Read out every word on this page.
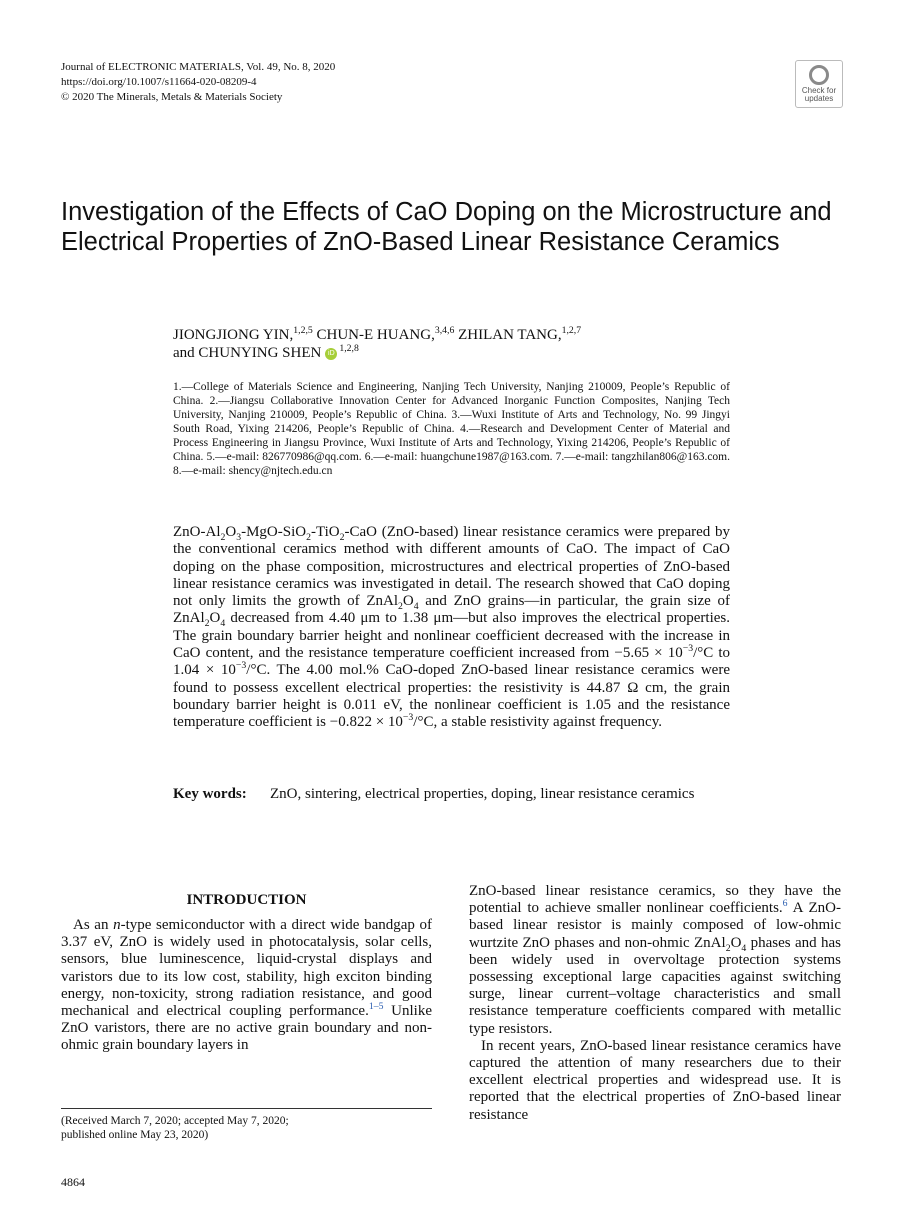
Journal of ELECTRONIC MATERIALS, Vol. 49, No. 8, 2020
https://doi.org/10.1007/s11664-020-08209-4
© 2020 The Minerals, Metals & Materials Society
Check for
updates
Investigation of the Effects of CaO Doping on the Microstructure and Electrical Properties of ZnO-Based Linear Resistance Ceramics
JIONGJIONG YIN,$^{1,2,5}$ CHUN-E HUANG,$^{3,4,6}$ ZHILAN TANG,$^{1,2,7}$
and CHUNYING SHEN iD $^{1,2,8}$
1.—College of Materials Science and Engineering, Nanjing Tech University, Nanjing 210009, People’s Republic of China. 2.—Jiangsu Collaborative Innovation Center for Advanced Inorganic Function Composites, Nanjing Tech University, Nanjing 210009, People’s Republic of China. 3.—Wuxi Institute of Arts and Technology, No. 99 Jingyi South Road, Yixing 214206, People’s Republic of China. 4.—Research and Development Center of Material and Process Engineering in Jiangsu Province, Wuxi Institute of Arts and Technology, Yixing 214206, People’s Republic of China. 5.—e-mail: 826770986@qq.com. 6.—e-mail: huangchune1987@163.com. 7.—e-mail: tangzhilan806@163.com. 8.—e-mail: shency@njtech.edu.cn
ZnO-$Al_2O_3-MgO-SiO_2-TiO_2$-CaO (ZnO-based) linear resistance ceramics were prepared by the conventional ceramics method with different amounts of CaO. The impact of CaO doping on the phase composition, microstructures and electrical properties of ZnO-based linear resistance ceramics was investigated in detail. The research showed that CaO doping not only limits the growth of $ZnAl_2O_4$ and ZnO grains—in particular, the grain size of $ZnAl_2O_4$ decreased from 4.40 μm to 1.38 μm—but also improves the electrical properties. The grain boundary barrier height and nonlinear coefficient decreased with the increase in CaO content, and the resistance temperature coefficient increased from $-5.65 \times 10^{-3}/^\circ C$ to $1.04 \times 10^{-3}/^\circ C$. The 4.00 mol.% CaO-doped ZnO-based linear resistance ceramics were found to possess excellent electrical properties: the resistivity is 44.87 Ω cm, the grain boundary barrier height is 0.011 eV, the nonlinear coefficient is 1.05 and the resistance temperature coefficient is $-0.822 \times 10^{-3}/^\circ C$, a stable resistivity against frequency.
Key words: ZnO, sintering, electrical properties, doping, linear resistance ceramics
INTRODUCTION
As an n-type semiconductor with a direct wide bandgap of 3.37 eV, ZnO is widely used in photocatalysis, solar cells, sensors, blue luminescence, liquid-crystal displays and varistors due to its low cost, stability, high exciton binding energy, non-toxicity, strong radiation resistance, and good mechanical and electrical coupling performance.$^{1-5}$ Unlike ZnO varistors, there are no active grain boundary and non-ohmic grain boundary layers in
ZnO-based linear resistance ceramics, so they have the potential to achieve smaller nonlinear coefficients.$^6$ A ZnO-based linear resistor is mainly composed of low-ohmic wurtzite ZnO phases and non-ohmic $ZnAl_2O_4$ phases and has been widely used in overvoltage protection systems possessing exceptional large capacities against switching surge, linear current–voltage characteristics and small resistance temperature coefficients compared with metallic type resistors.
In recent years, ZnO-based linear resistance ceramics have captured the attention of many researchers due to their excellent electrical properties and widespread use. It is reported that the electrical properties of ZnO-based linear resistance
(Received March 7, 2020; accepted May 7, 2020;
published online May 23, 2020)
4864
